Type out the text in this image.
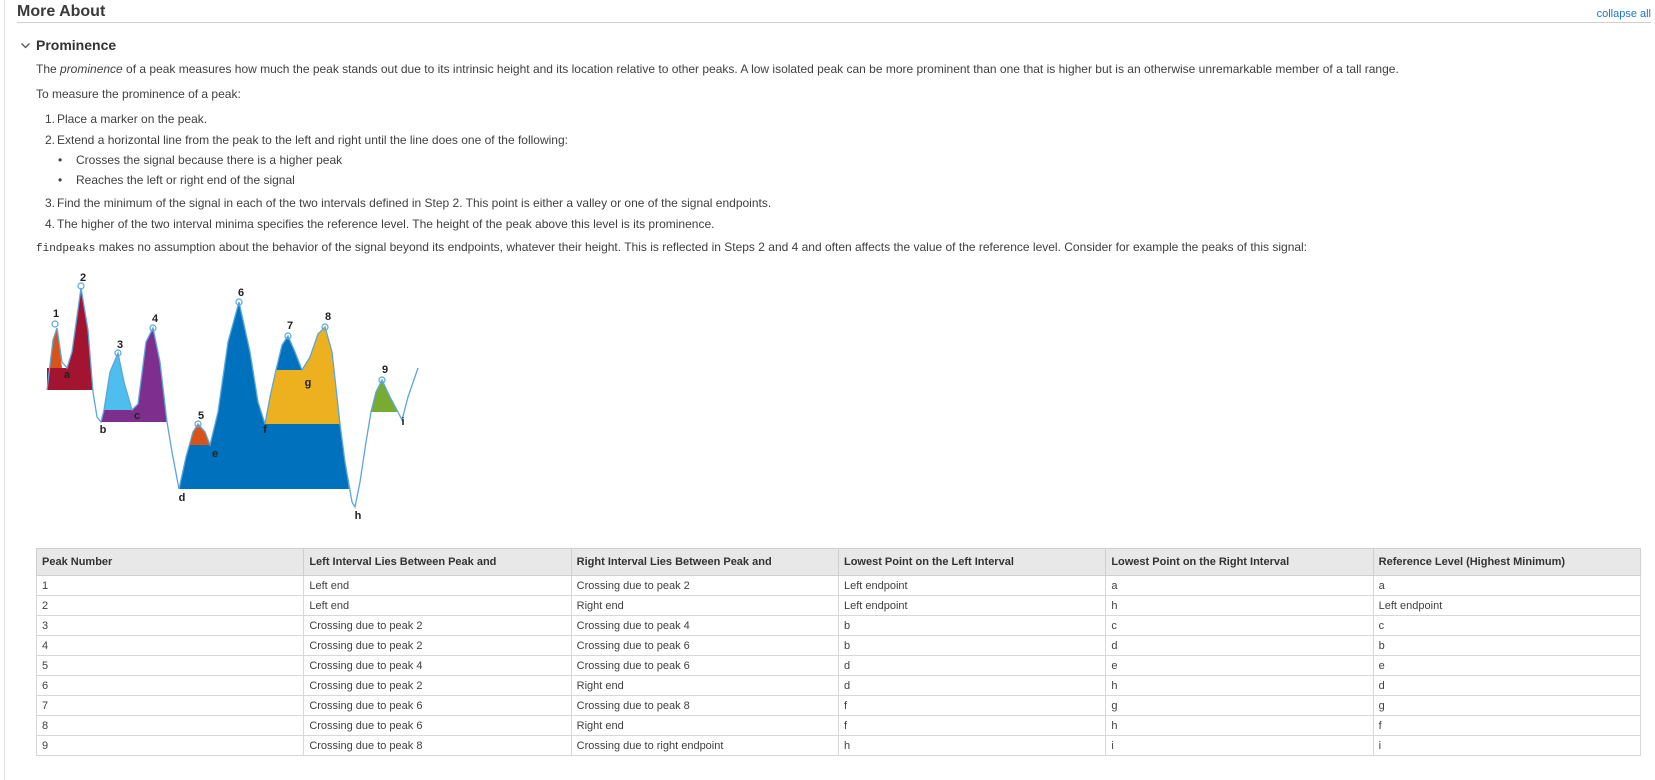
More About	collapse all
Prominence

The prominence of a peak measures how much the peak stands out due to its intrinsic height and its location relative to other peaks. A low isolated peak can be more prominent than one that is higher but is an otherwise unremarkable member of a tall range.

To measure the prominence of a peak:

1. Place a marker on the peak.
2. Extend a horizontal line from the peak to the left and right until the line does one of the following:
• Crosses the signal because there is a higher peak
• Reaches the left or right end of the signal
3. Find the minimum of the signal in each of the two intervals defined in Step 2. This point is either a valley or one of the signal endpoints.
4. The higher of the two interval minima specifies the reference level. The height of the peak above this level is its prominence.

findpeaks makes no assumption about the behavior of the signal beyond its endpoints, whatever their height. This is reflected in Steps 2 and 4 and often affects the value of the reference level. Consider for example the peaks of this signal:

1
2
3
4
5
6
7
8
9
a
b
c
d
e
f
g
h
i
Peak Number	Left Interval Lies Between Peak and	Right Interval Lies Between Peak and	Lowest Point on the Left Interval	Lowest Point on the Right Interval	Reference Level (Highest Minimum)
1	Left end	Crossing due to peak 2	Left endpoint	a	a
2	Left end	Right end	Left endpoint	h	Left endpoint
3	Crossing due to peak 2	Crossing due to peak 4	b	c	c
4	Crossing due to peak 2	Crossing due to peak 6	b	d	b
5	Crossing due to peak 4	Crossing due to peak 6	d	e	e
6	Crossing due to peak 2	Right end	d	h	d
7	Crossing due to peak 6	Crossing due to peak 8	f	g	g
8	Crossing due to peak 6	Right end	f	h	f
9	Crossing due to peak 8	Crossing due to right endpoint	h	i	i
